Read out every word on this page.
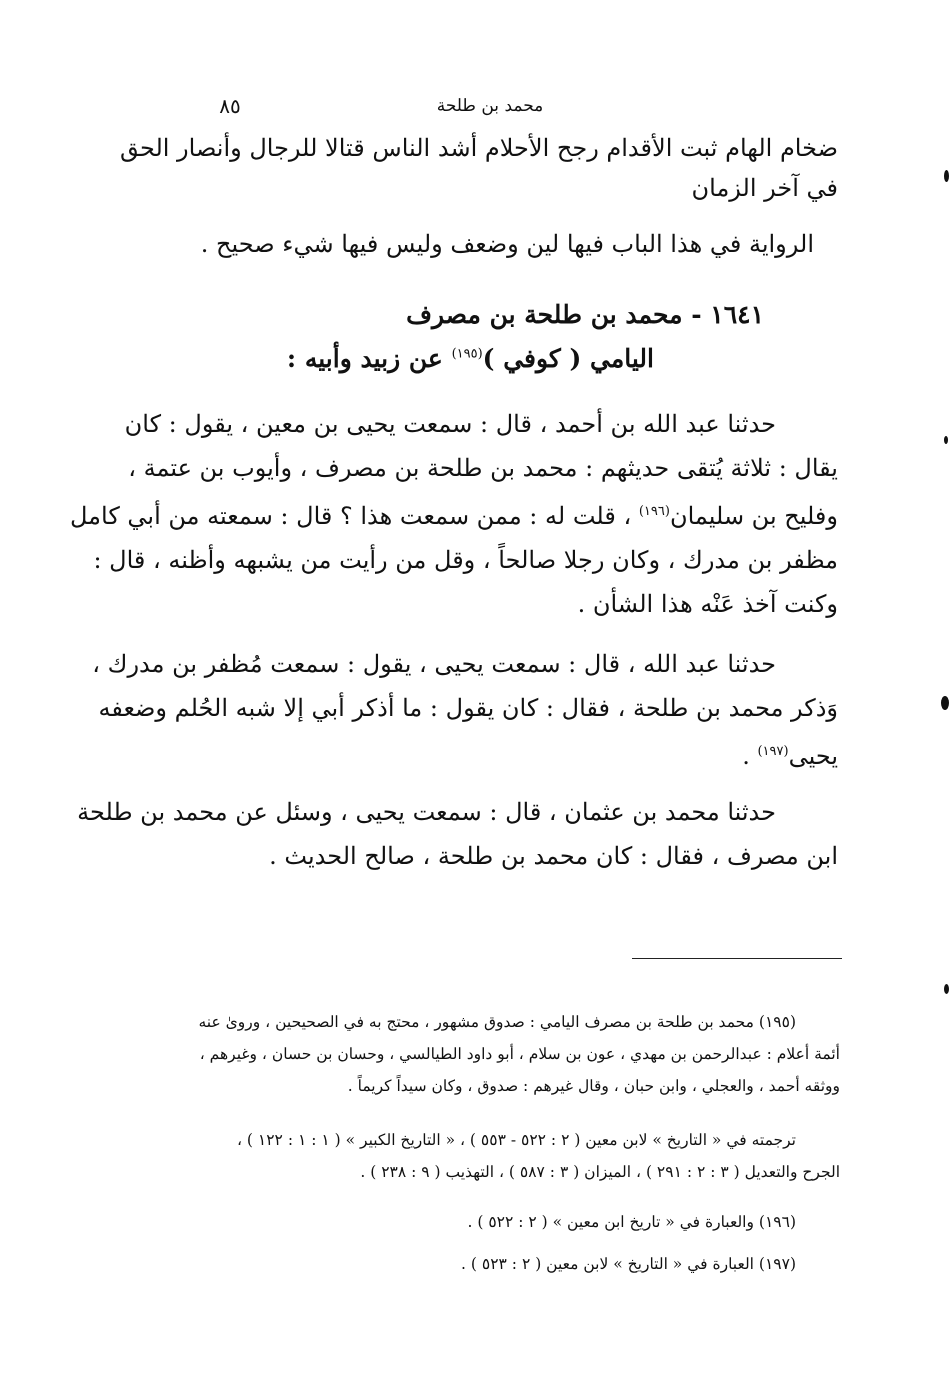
محمد بن طلحة
٨٥
ضخام الهام ثبت الأقدام رجح الأحلام أشد الناس قتالا للرجال وأنصار الحق
في آخر الزمان
الرواية في هذا الباب فيها لين وضعف وليس فيها شيء صحيح .
١٦٤١ - محمد بن طلحة بن مصرف
اليامي ( كوفي )$^{(١٩٥)}$ عن زبيد وأبيه :
حدثنا عبد الله بن أحمد ، قال : سمعت يحيى بن معين ، يقول : كان
يقال : ثلاثة يُتقى حديثهم : محمد بن طلحة بن مصرف ، وأيوب بن عتمة ،
وفليح بن سليمان$^{(١٩٦)}$ ، قلت له : ممن سمعت هذا ؟ قال : سمعته من أبي كامل
مظفر بن مدرك ، وكان رجلا صالحاً ، وقل من رأيت من يشبهه وأظنه ، قال :
وكنت آخذ عَنْه هذا الشأن .
حدثنا عبد الله ، قال : سمعت يحيى ، يقول : سمعت مُظفر بن مدرك ،
وَذكر محمد بن طلحة ، فقال : كان يقول : ما أذكر أبي إلا شبه الحُلم وضعفه
يحيى$^{(١٩٧)}$ .
حدثنا محمد بن عثمان ، قال : سمعت يحيى ، وسئل عن محمد بن طلحة
ابن مصرف ، فقال : كان محمد بن طلحة ، صالح الحديث .
(١٩٥) محمد بن طلحة بن مصرف اليامي : صدوق مشهور ، محتج به في الصحيحين ، وروىٰ عنه
أئمة أعلام : عبدالرحمن بن مهدي ، عون بن سلام ، أبو داود الطيالسي ، وحسان بن حسان ، وغيرهم ،
ووثقه أحمد ، والعجلي ، وابن حبان ، وقال غيرهم : صدوق ، وكان سيداً كريماً .
ترجمته في « التاريخ » لابن معين ( ٢ : ٥٢٢ - ٥٥٣ ) ، « التاريخ الكبير » ( ١ : ١ : ١٢٢ ) ،
الجرح والتعديل ( ٣ : ٢ : ٢٩١ ) ، الميزان ( ٣ : ٥٨٧ ) ، التهذيب ( ٩ : ٢٣٨ ) .
(١٩٦) والعبارة في « تاريخ ابن معين » ( ٢ : ٥٢٢ ) .
(١٩٧) العبارة في « التاريخ » لابن معين ( ٢ : ٥٢٣ ) .
